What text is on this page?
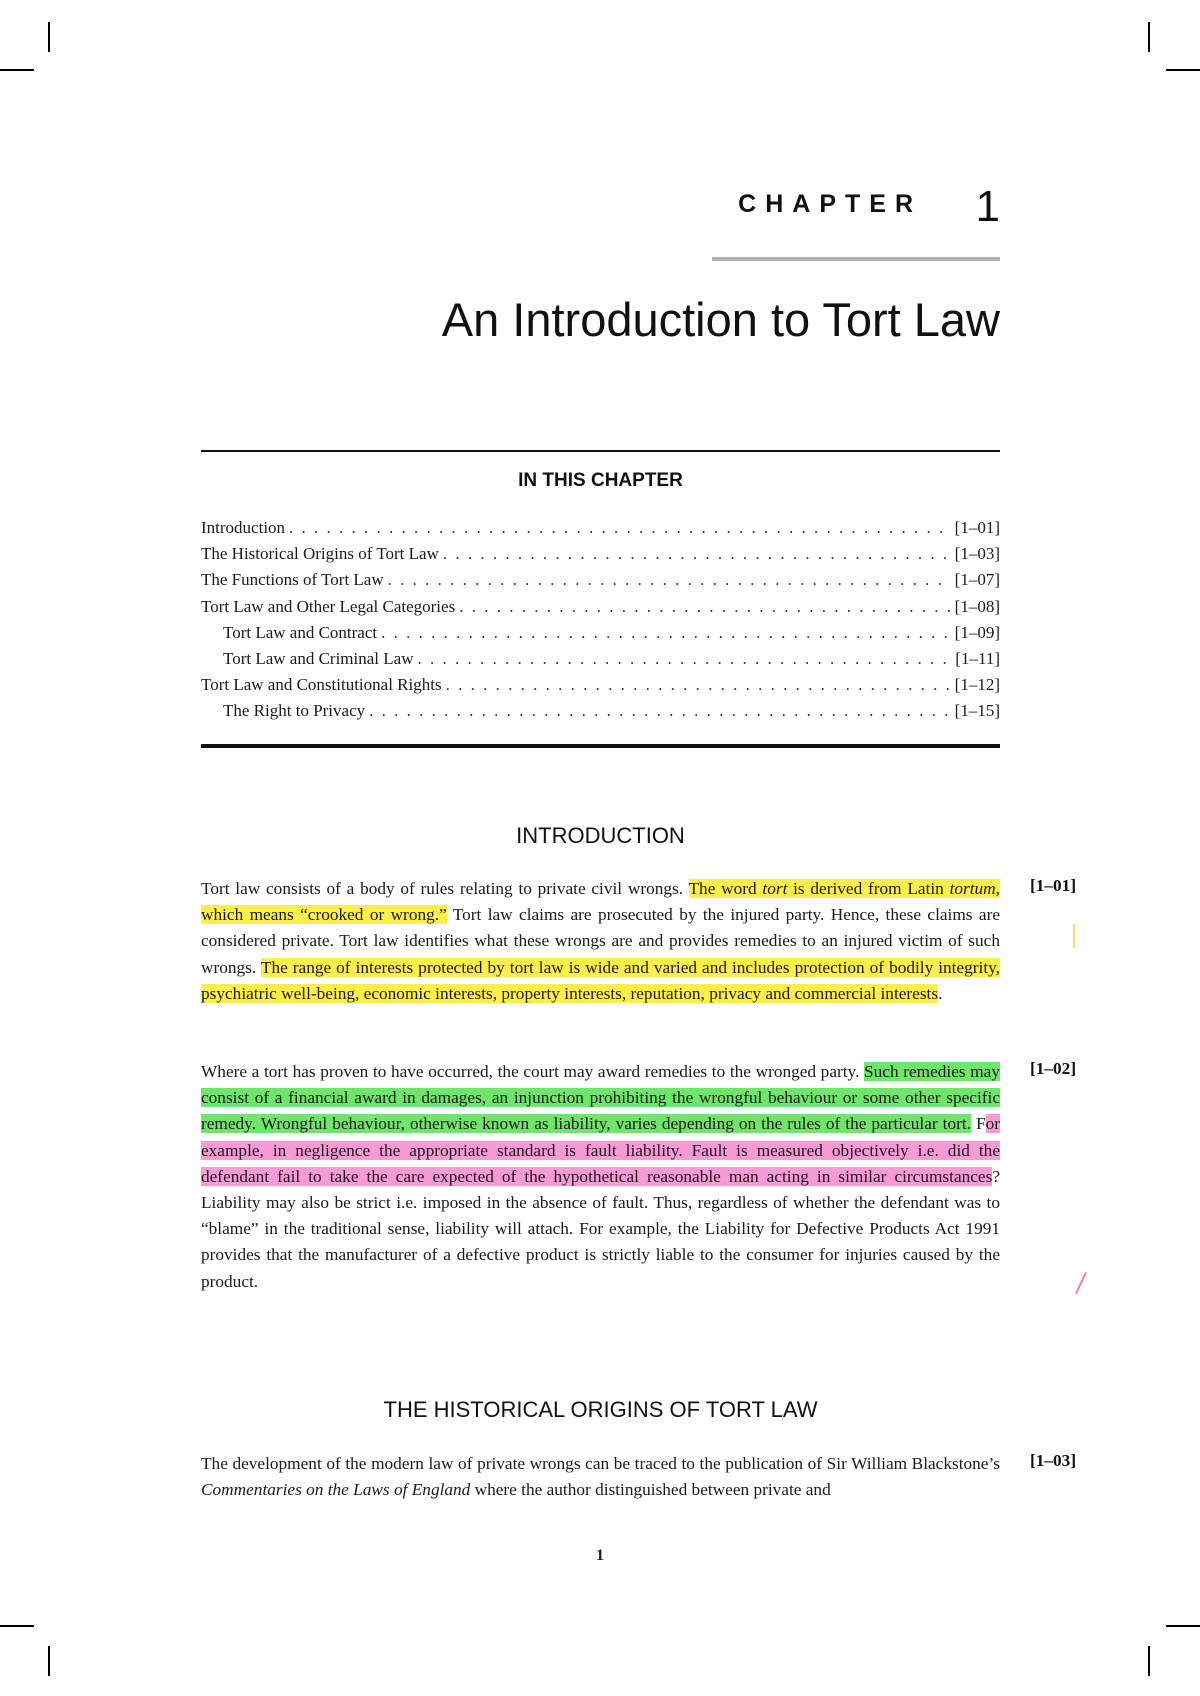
CHAPTER 1
An Introduction to Tort Law
IN THIS CHAPTER
Introduction . . .	[1–01]
The Historical Origins of Tort Law . . .	[1–03]
The Functions of Tort Law . . .	[1–07]
Tort Law and Other Legal Categories . . .	[1–08]
Tort Law and Contract . . .	[1–09]
Tort Law and Criminal Law . . .	[1–11]
Tort Law and Constitutional Rights . . .	[1–12]
The Right to Privacy . . .	[1–15]
INTRODUCTION
Tort law consists of a body of rules relating to private civil wrongs. The word tort is derived from Latin tortum, which means “crooked or wrong.” Tort law claims are prosecuted by the injured party. Hence, these claims are considered private. Tort law identifies what these wrongs are and provides remedies to an injured victim of such wrongs. The range of interests protected by tort law is wide and varied and includes protection of bodily integrity, psychiatric well-being, economic interests, property interests, reputation, privacy and commercial interests.
[1–01]
Where a tort has proven to have occurred, the court may award remedies to the wronged party. Such remedies may consist of a financial award in damages, an injunction prohibiting the wrongful behaviour or some other specific remedy. Wrongful behaviour, otherwise known as liability, varies depending on the rules of the particular tort. For example, in negligence the appropriate standard is fault liability. Fault is measured objectively i.e. did the defendant fail to take the care expected of the hypothetical reasonable man acting in similar circumstances? Liability may also be strict i.e. imposed in the absence of fault. Thus, regardless of whether the defendant was to “blame” in the traditional sense, liability will attach. For example, the Liability for Defective Products Act 1991 provides that the manufacturer of a defective product is strictly liable to the consumer for injuries caused by the product.
[1–02]
THE HISTORICAL ORIGINS OF TORT LAW
The development of the modern law of private wrongs can be traced to the publication of Sir William Blackstone’s Commentaries on the Laws of England where the author distinguished between private and
[1–03]
1
